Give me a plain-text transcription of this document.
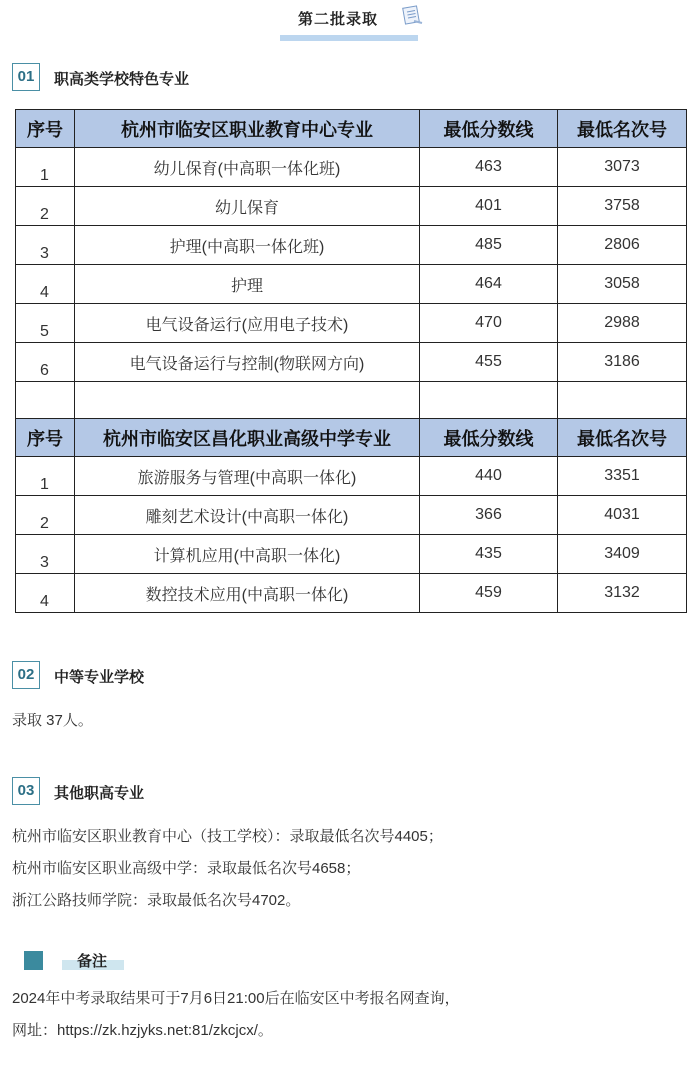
第二批录取
01	职高类学校特色专业
序号	杭州市临安区职业教育中心专业	最低分数线	最低名次号
1	幼儿保育(中高职一体化班)	463	3073
2	幼儿保育	401	3758
3	护理(中高职一体化班)	485	2806
4	护理	464	3058
5	电气设备运行(应用电子技术)	470	2988
6	电气设备运行与控制(物联网方向)	455	3186

序号	杭州市临安区昌化职业高级中学专业	最低分数线	最低名次号
1	旅游服务与管理(中高职一体化)	440	3351
2	雕刻艺术设计(中高职一体化)	366	4031
3	计算机应用(中高职一体化)	435	3409
4	数控技术应用(中高职一体化)	459	3132
02	中等专业学校
录取 37人。
03	其他职高专业
杭州市临安区职业教育中心（技工学校）：录取最低名次号4405；
杭州市临安区职业高级中学：录取最低名次号4658；
浙江公路技师学院：录取最低名次号4702。
备注
2024年中考录取结果可于7月6日21:00后在临安区中考报名网查询，
网址：https://zk.hzjyks.net:81/zkcjcx/。
